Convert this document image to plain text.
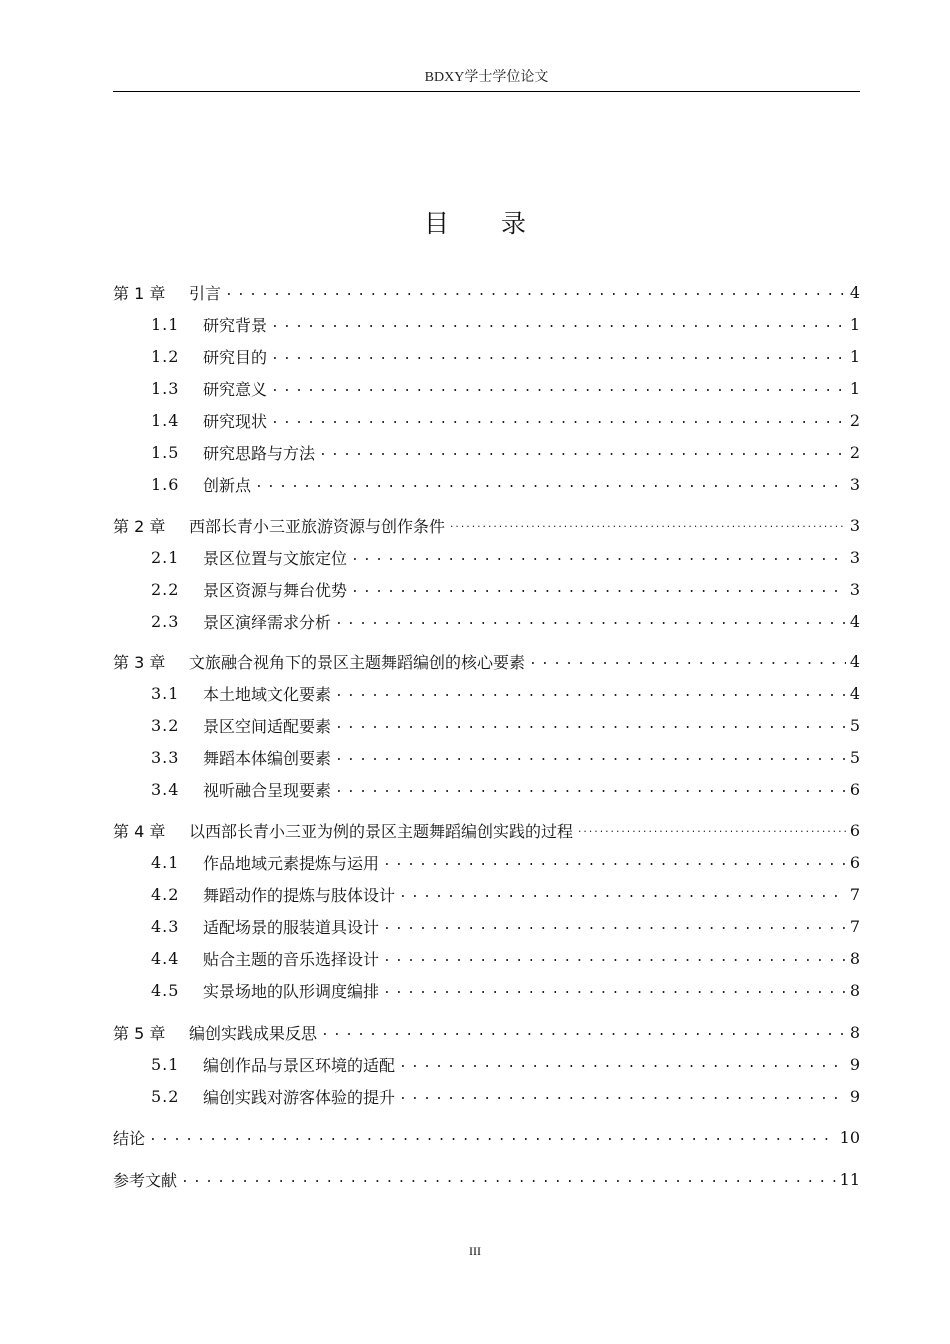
BDXY学士学位论文
目 录
第 1 章	引言 .....	4
1.1	研究背景 .....	1
1.2	研究目的 .....	1
1.3	研究意义 .....	1
1.4	研究现状 .....	2
1.5	研究思路与方法 .....	2
1.6	创新点 .....	3
第 2 章	西部长青小三亚旅游资源与创作条件 .....	3
2.1	景区位置与文旅定位 .....	3
2.2	景区资源与舞台优势 .....	3
2.3	景区演绎需求分析 .....	4
第 3 章	文旅融合视角下的景区主题舞蹈编创的核心要素 .....	4
3.1	本土地域文化要素 .....	4
3.2	景区空间适配要素 .....	5
3.3	舞蹈本体编创要素 .....	5
3.4	视听融合呈现要素 .....	6
第 4 章	以西部长青小三亚为例的景区主题舞蹈编创实践的过程 .....	6
4.1	作品地域元素提炼与运用 .....	6
4.2	舞蹈动作的提炼与肢体设计 .....	7
4.3	适配场景的服装道具设计 .....	7
4.4	贴合主题的音乐选择设计 .....	8
4.5	实景场地的队形调度编排 .....	8
第 5 章	编创实践成果反思 .....	8
5.1	编创作品与景区环境的适配 .....	9
5.2	编创实践对游客体验的提升 .....	9
结论 .....	10
参考文献 .....	11
III
